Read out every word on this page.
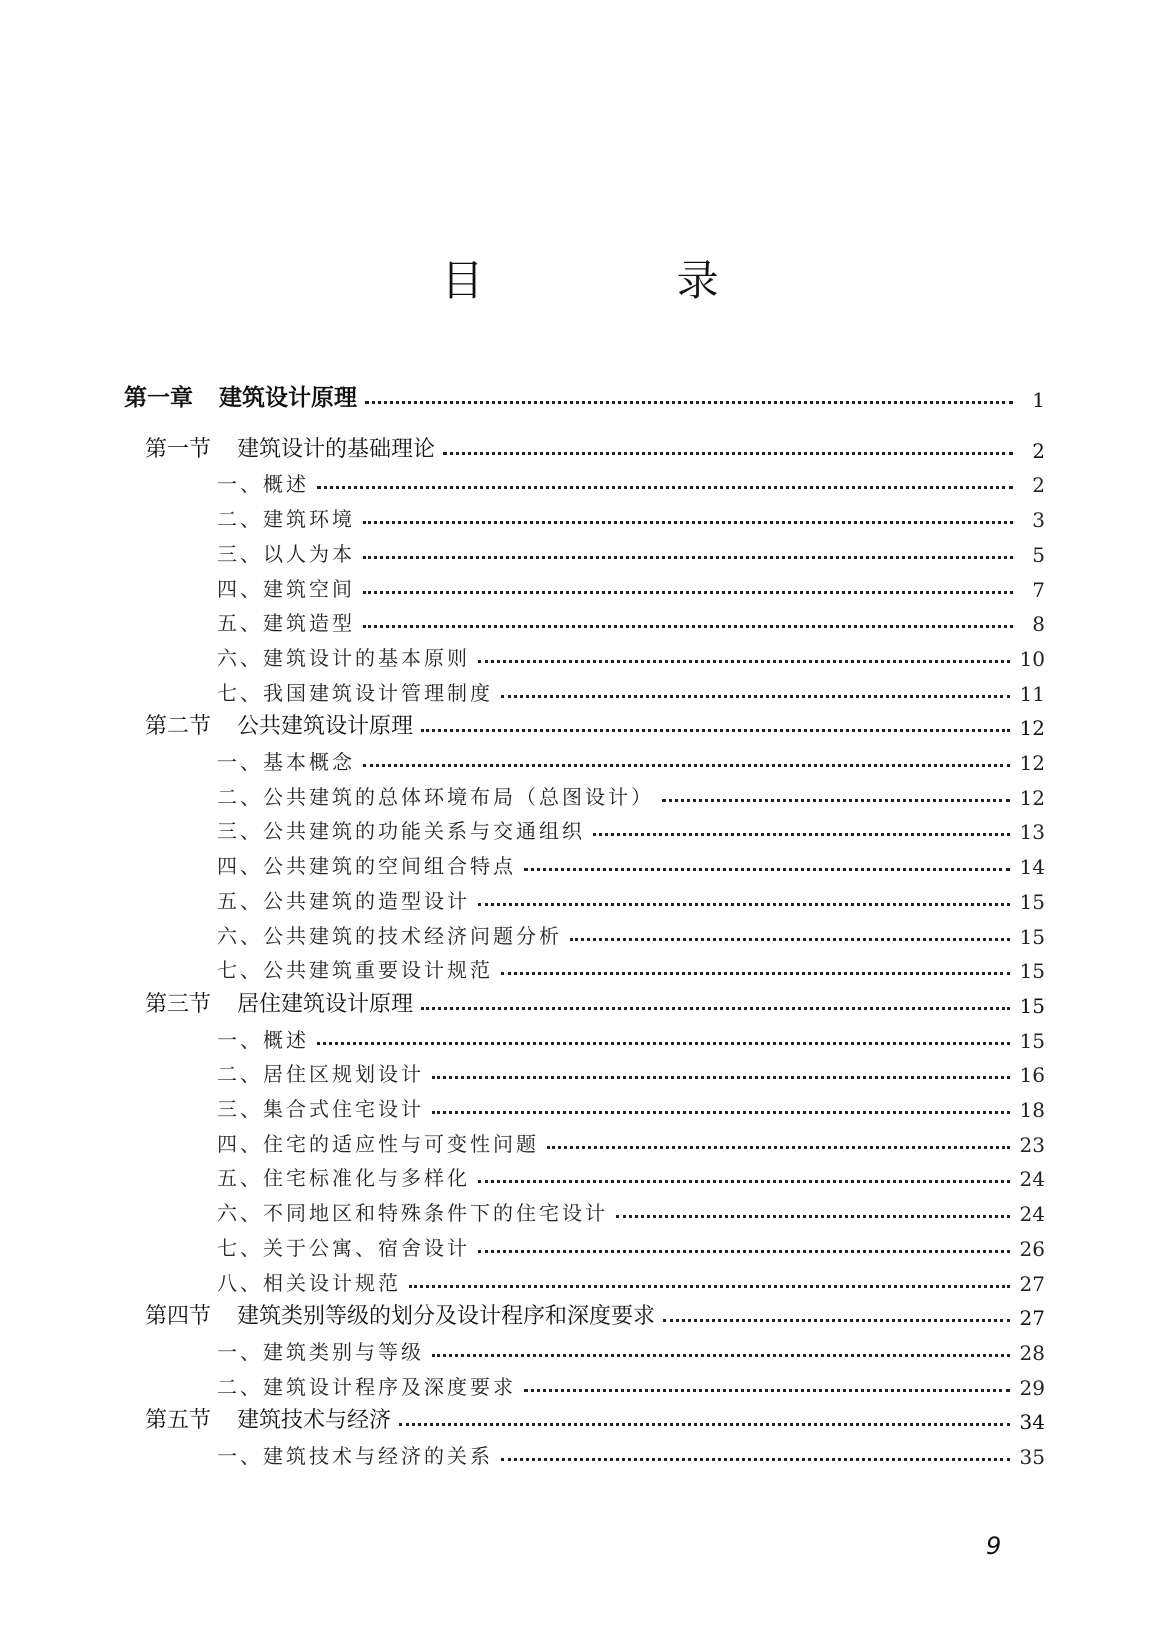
目 录
第一章 建筑设计原理	1
第一节 建筑设计的基础理论	2
一、 概述	2
二、 建筑环境	3
三、 以人为本	5
四、 建筑空间	7
五、 建筑造型	8
六、 建筑设计的基本原则	10
七、 我国建筑设计管理制度	11
第二节 公共建筑设计原理	12
一、 基本概念	12
二、 公共建筑的总体环境布局（总图设计）	12
三、 公共建筑的功能关系与交通组织	13
四、 公共建筑的空间组合特点	14
五、 公共建筑的造型设计	15
六、 公共建筑的技术经济问题分析	15
七、 公共建筑重要设计规范	15
第三节 居住建筑设计原理	15
一、 概述	15
二、 居住区规划设计	16
三、 集合式住宅设计	18
四、 住宅的适应性与可变性问题	23
五、 住宅标准化与多样化	24
六、 不同地区和特殊条件下的住宅设计	24
七、 关于公寓、宿舍设计	26
八、 相关设计规范	27
第四节 建筑类别等级的划分及设计程序和深度要求	27
一、 建筑类别与等级	28
二、 建筑设计程序及深度要求	29
第五节 建筑技术与经济	34
一、 建筑技术与经济的关系	35
9
